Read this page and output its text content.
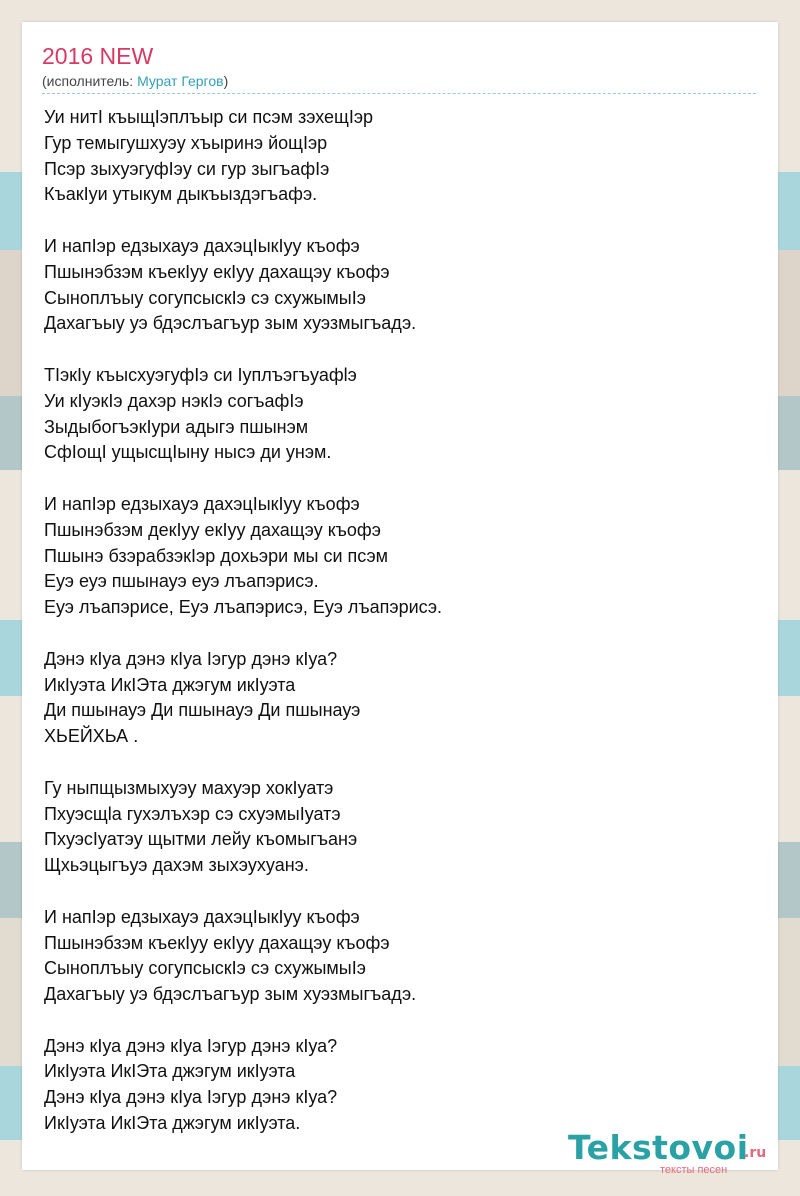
2016 NEW
(исполнитель: Мурат Гергов)
Уи нитI къыщIэплъыр си псэм зэхещIэр
Гур темыгушхуэу хъыринэ йощIэр
Псэр зыхуэгуфIэу си гур зыгъафIэ
КъакIуи утыкум дыкъыздэгъафэ.
И напIэр едзыхауэ дахэцIыкIуу къофэ
Пшынэбзэм къекIуу екIуу дахащэу къофэ
Сыноплъыу согупсыскIэ сэ схужымыIэ
Дахагъыу уэ бдэслъагъур зым хуэзмыгъадэ.
ТIэкIу къысхуэгуфIэ си Iуплъэгъуафlэ
Уи кIуэкIэ дахэр нэкIэ согъафIэ
ЗыдыбогъэкIури адыгэ пшынэм
СфIощI ущысщIыну нысэ ди унэм.
И напIэр едзыхауэ дахэцIыкIуу къофэ
Пшынэбзэм декIуу екIуу дахащэу къофэ
Пшынэ бзэрабзэкIэр дохьэри мы си псэм
Еуэ еуэ пшынауэ еуэ лъапэрисэ.
Еуэ лъапэрисе, Еуэ лъапэрисэ, Еуэ лъапэрисэ.
Дэнэ кIуа дэнэ кIуа Iэгур дэнэ кIуа?
ИкIуэта ИкIЭта джэгум икIуэта
Ди пшынауэ Ди пшынауэ Ди пшынауэ
ХЬЕЙХЬА .
Гу ныпщызмыхуэу махуэр хокIуатэ
Пхуэсщlа гухэлъхэр сэ схуэмыIуатэ
ПхуэсIуатэу щытми лейу къомыгъанэ
Щхьэцыгъуэ дахэм зыхэухуанэ.
И напIэр едзыхауэ дахэцIыкIуу къофэ
Пшынэбзэм къекIуу екIуу дахащэу къофэ
Сыноплъыу согупсыскIэ сэ схужымыIэ
Дахагъыу уэ бдэслъагъур зым хуэзмыгъадэ.
Дэнэ кIуа дэнэ кIуа Iэгур дэнэ кIуа?
ИкIуэта ИкIЭта джэгум икIуэта
Дэнэ кIуа дэнэ кIуа Iэгур дэнэ кIуа?
ИкIуэта ИкIЭта джэгум икIуэта.
Tekstovoi
.ru
тексты песен
